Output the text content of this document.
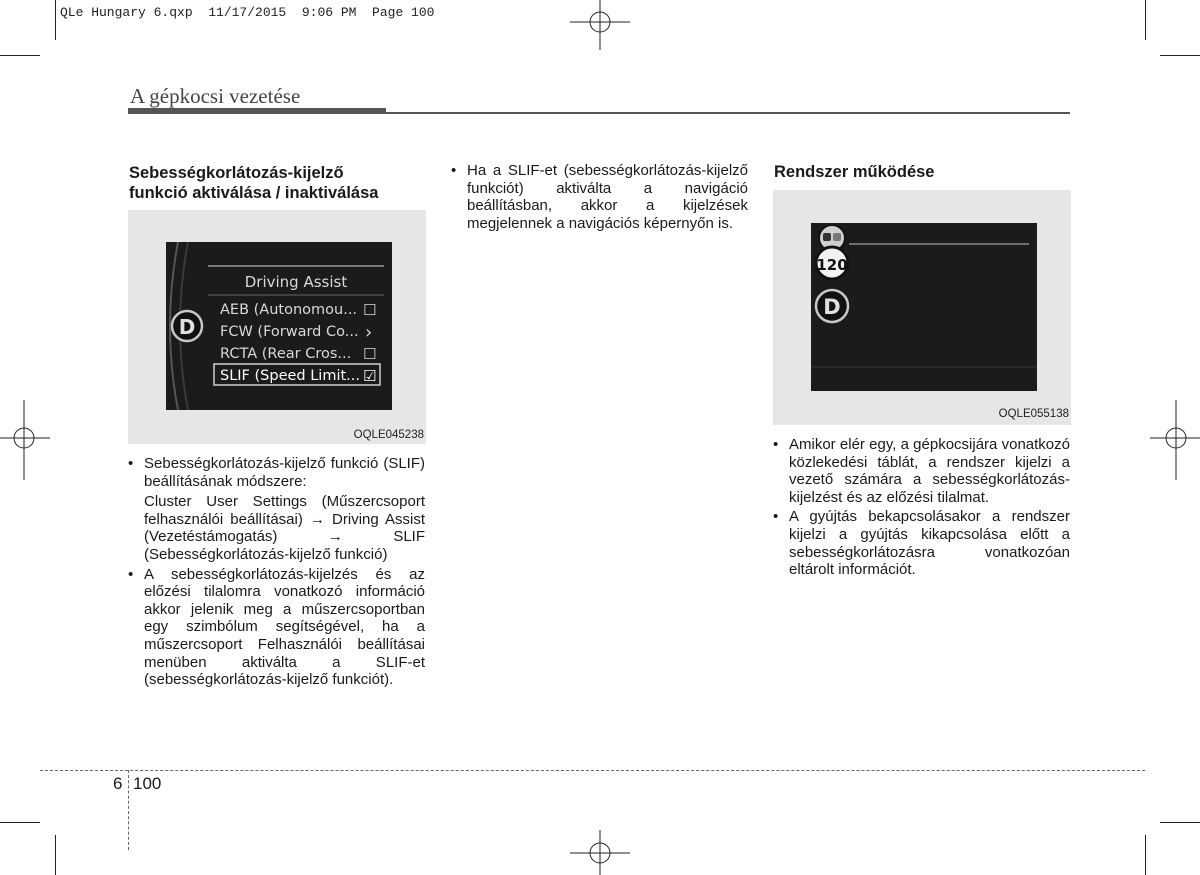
QLe Hungary 6.qxp  11/17/2015  9:06 PM  Page 100
A gépkocsi vezetése
Sebességkorlátozás-kijelző
funkció aktiválása / inaktiválása
D
Driving Assist
AEB (Autonomou... ☐
FCW (Forward Co... ›
RCTA (Rear Cros... ☐
SLIF (Speed Limit... ☑
OQLE045238
• Sebességkorlátozás-kijelző funkció (SLIF) beállításának módszere:
Cluster User Settings (Műszercsoport felhasználói beállításai) → Driving Assist (Vezetéstámogatás) → SLIF (Sebességkorlátozás-kijelző funkció)
• A sebességkorlátozás-kijelzés és az előzési tilalomra vonatkozó információ akkor jelenik meg a műszercsoportban egy szimbólum segítségével, ha a műszercsoport Felhasználói beállításai menüben aktiválta a SLIF-et (sebességkorlátozás-kijelző funkciót).
• Ha a SLIF-et (sebességkorlátozás-kijelző funkciót) aktiválta a navigáció beállításban, akkor a kijelzések megjelennek a navigációs képernyőn is.
Rendszer működése
120
D
OQLE055138
• Amikor elér egy, a gépkocsijára vonatkozó közlekedési táblát, a rendszer kijelzi a vezető számára a sebességkorlátozás-kijelzést és az előzési tilalmat.
• A gyújtás bekapcsolásakor a rendszer kijelzi a gyújtás kikapcsolása előtt a sebességkorlátozásra vonatkozóan eltárolt információt.
6 100
